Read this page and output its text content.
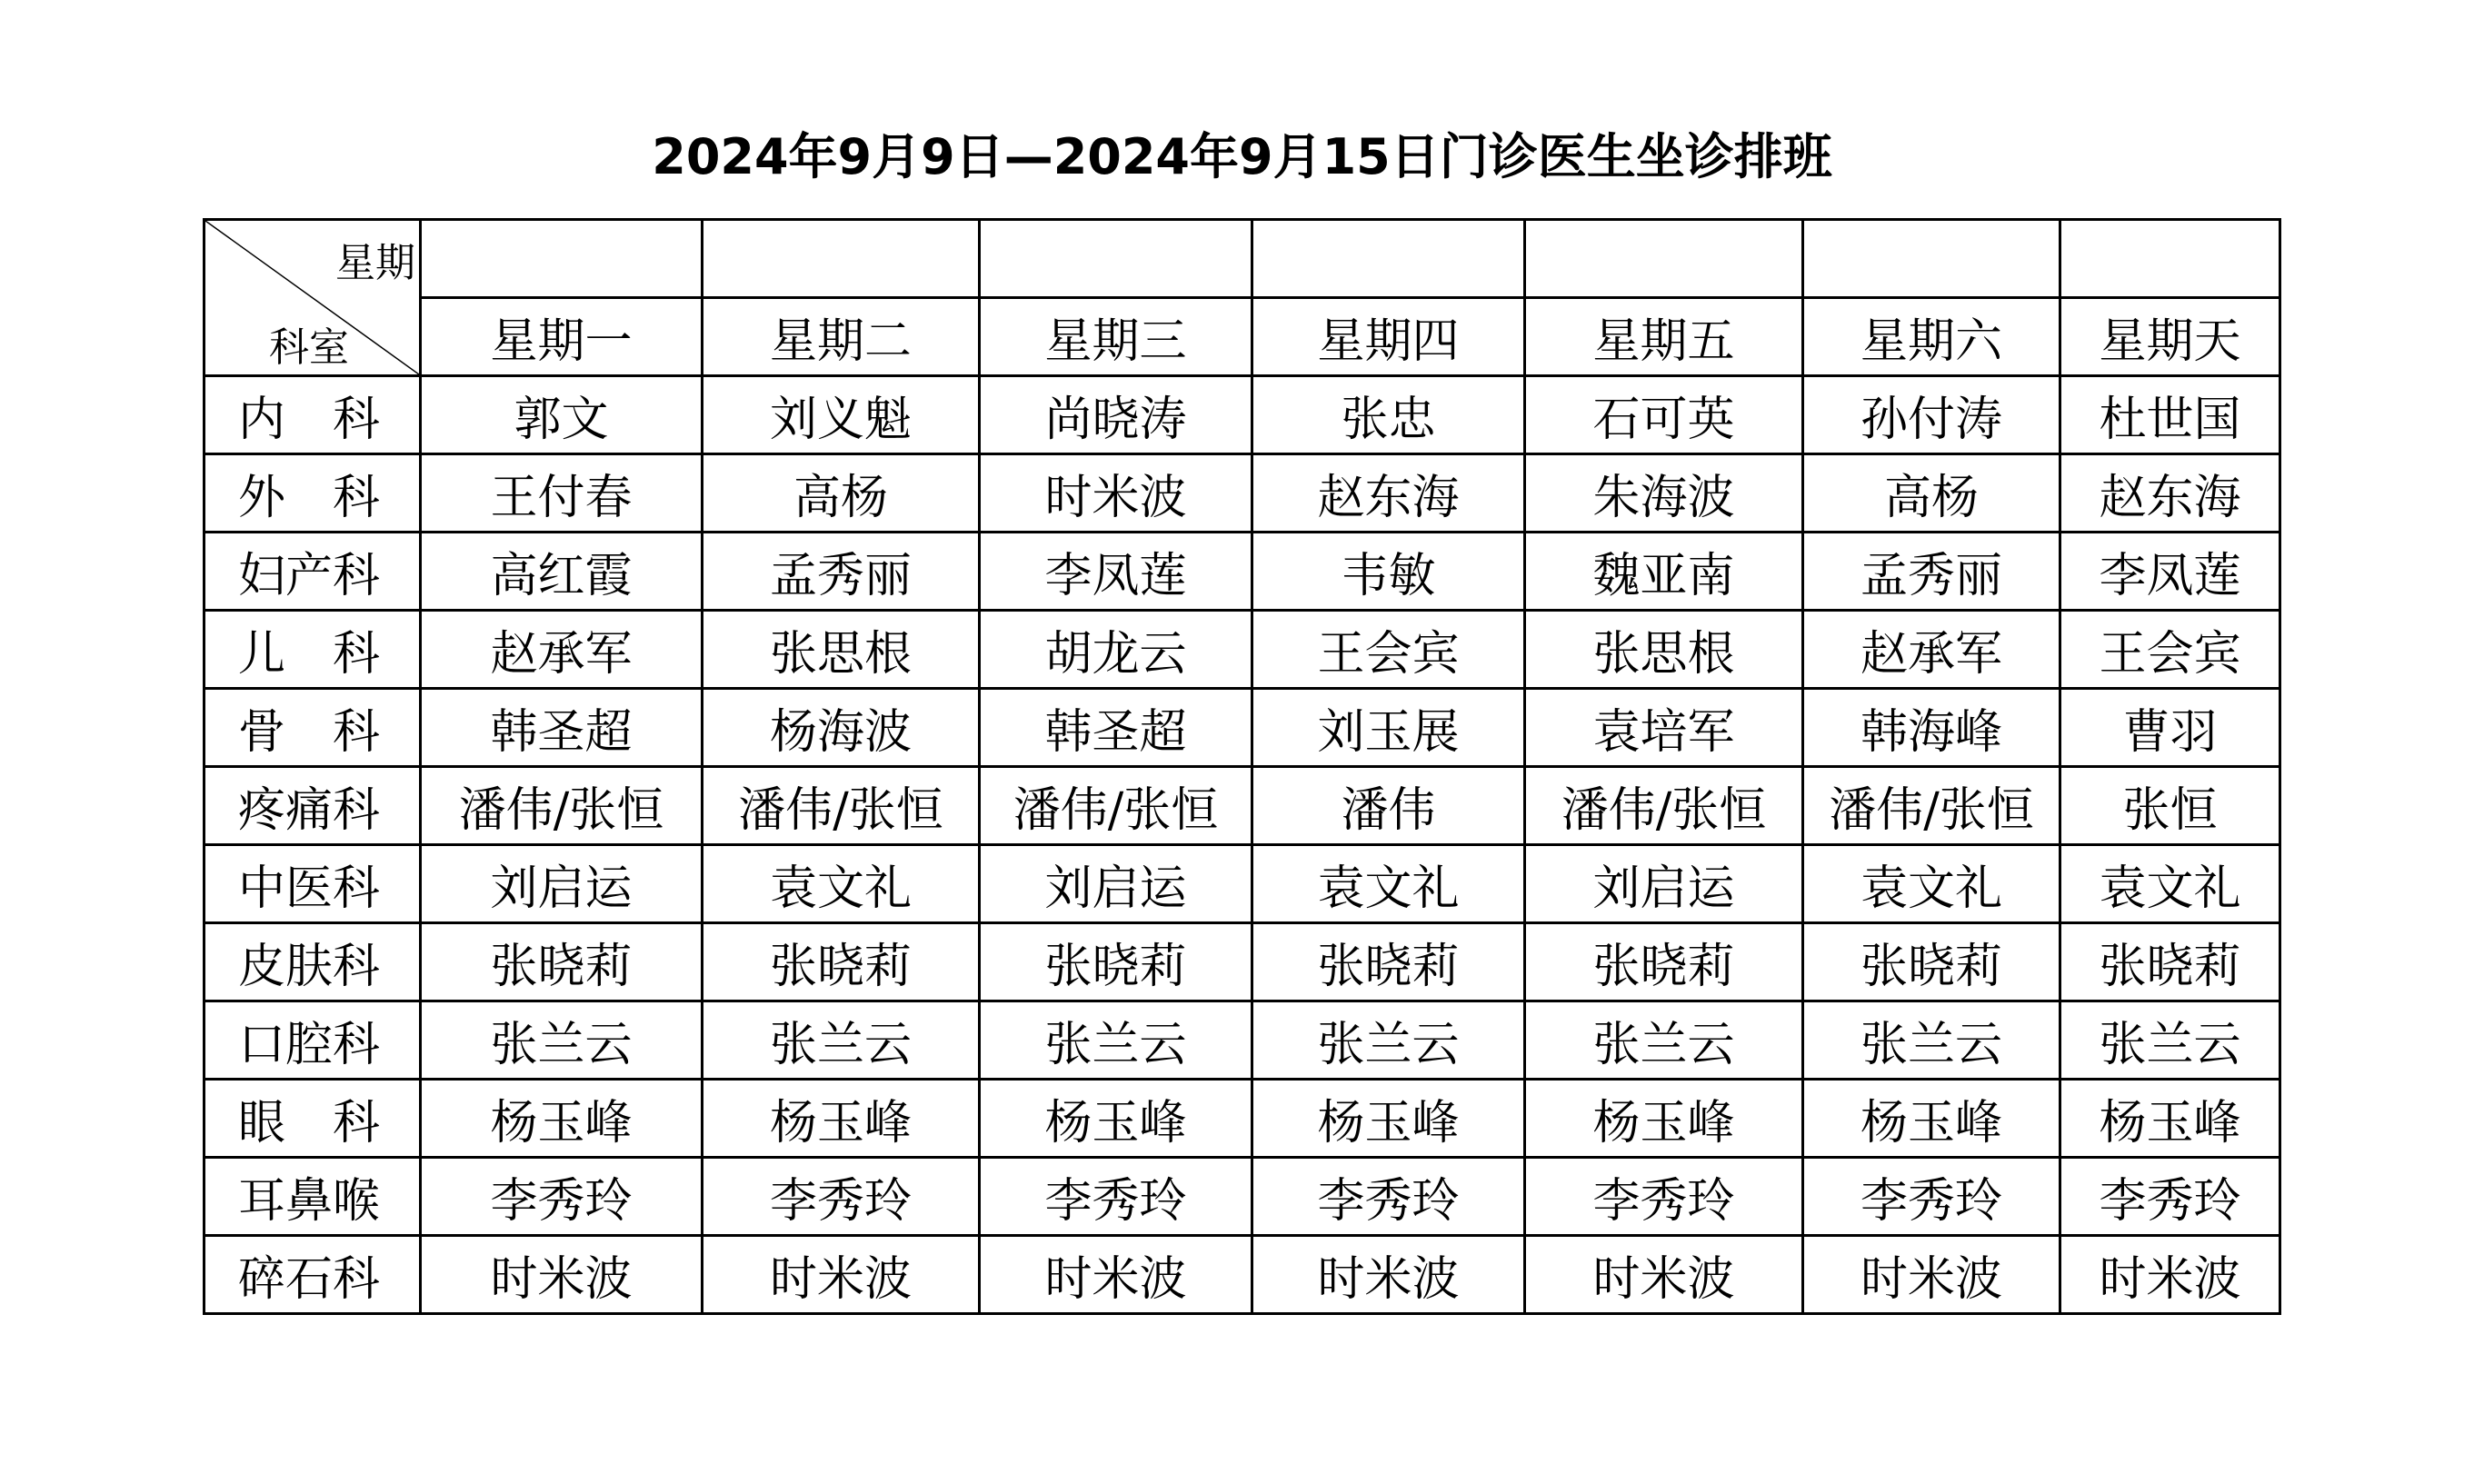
2024年9月9日—2024年9月15日门诊医生坐诊排班
星期
科室							

	星期一	星期二	星期三	星期四	星期五	星期六	星期天
内　科	郭文	刘义魁	尚晓涛	张忠	石可英	孙付涛	杜世国
外　科	王付春	高杨	时米波	赵东海	朱海波	高杨	赵东海
妇产科	高红霞	孟秀丽	李凤莲	韦敏	魏亚南	孟秀丽	李凤莲
儿　科	赵承军	张思根	胡龙云	王会宾	张思根	赵承军	王会宾
骨　科	韩圣超	杨海波	韩圣超	刘玉展	袁培军	韩海峰	曹羽
疼痛科	潘伟/张恒	潘伟/张恒	潘伟/张恒	潘伟	潘伟/张恒	潘伟/张恒	张恒
中医科	刘启运	袁文礼	刘启运	袁文礼	刘启运	袁文礼	袁文礼
皮肤科	张晓莉	张晓莉	张晓莉	张晓莉	张晓莉	张晓莉	张晓莉
口腔科	张兰云	张兰云	张兰云	张兰云	张兰云	张兰云	张兰云
眼　科	杨玉峰	杨玉峰	杨玉峰	杨玉峰	杨玉峰	杨玉峰	杨玉峰
耳鼻喉	李秀玲	李秀玲	李秀玲	李秀玲	李秀玲	李秀玲	李秀玲
碎石科	时米波	时米波	时米波	时米波	时米波	时米波	时米波
